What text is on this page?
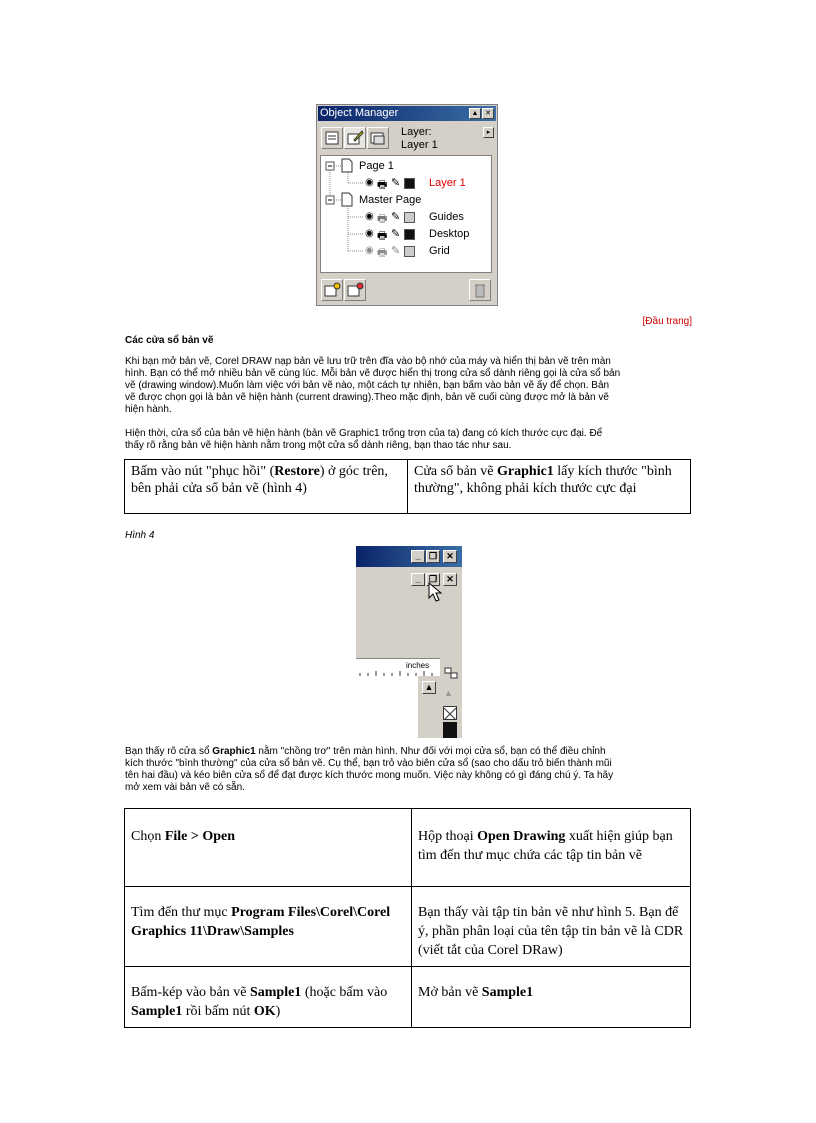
Object Manager	▲ ✕
Layer:
Layer 1
▸
Page 1
◉ 🖶 ✎	Layer 1
Master Page
◉ 🖶 ✎	Guides
◉ 🖶 ✎	Desktop
◉ 🖶 ✎	Grid
[Đầu trang]
Các cửa sổ bản vẽ
Khi bạn mở bản vẽ, Corel DRAW nạp bản vẽ lưu trữ trên đĩa vào bộ nhớ của máy và hiển thị bản vẽ trên màn
hình. Bạn có thể mở nhiều bản vẽ cùng lúc. Mỗi bản vẽ được hiển thị trong cửa sổ dành riêng gọi là cửa sổ bản
vẽ (drawing window).Muốn làm việc với bản vẽ nào, một cách tự nhiên, bạn bấm vào bản vẽ ấy để chọn. Bản
vẽ được chọn gọi là bản vẽ hiện hành (current drawing).Theo mặc định, bản vẽ cuối cùng được mở là bản vẽ
hiện hành.
Hiện thời, cửa sổ của bản vẽ hiện hành (bản vẽ Graphic1 trống trơn của ta) đang có kích thước cực đại. Để
thấy rõ rằng bản vẽ hiện hành nằm trong một cửa sổ dành riêng, bạn thao tác như sau.
Bấm vào nút "phục hồi" (Restore) ở góc trên, bên phải cửa sổ bản vẽ (hình 4)	Cửa sổ bản vẽ Graphic1 lấy kích thước "bình thường", không phải kích thước cực đại
Hình 4
_ ❐	✕
_ ❐	✕
inches
▲
▲
Bạn thấy rõ cửa sổ Graphic1 nằm "chồng trơ" trên màn hình. Như đối với mọi cửa sổ, bạn có thể điều chỉnh
kích thước "bình thường" của cửa sổ bản vẽ. Cụ thể, bạn trỏ vào biên cửa sổ (sao cho dấu trỏ biến thành mũi
tên hai đầu) và kéo biên cửa sổ để đạt được kích thước mong muốn. Việc này không có gì đáng chú ý. Ta hãy
mở xem vài bản vẽ có sẵn.
Chọn File > Open	Hộp thoại Open Drawing xuất hiện giúp bạn tìm đến thư mục chứa các tập tin bản vẽ
Tìm đến thư mục Program Files\Corel\Corel Graphics 11\Draw\Samples	Bạn thấy vài tập tin bản vẽ như hình 5. Bạn để ý, phần phân loại của tên tập tin bản vẽ là CDR (viết tắt của Corel DRaw)
Bấm-kép vào bản vẽ Sample1 (hoặc bấm vào Sample1 rồi bấm nút OK)	Mở bản vẽ Sample1
